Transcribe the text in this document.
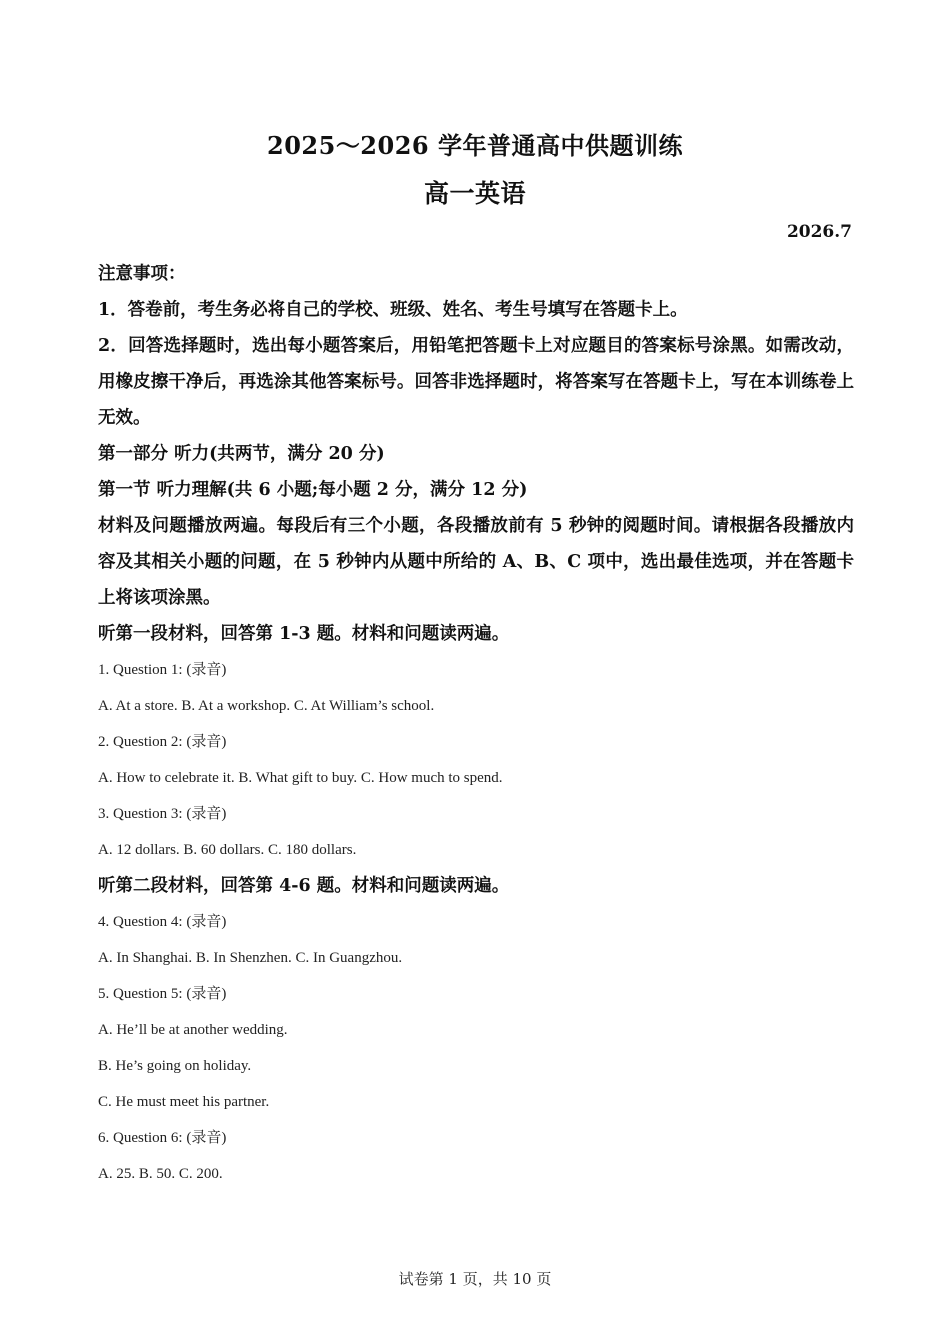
2025～2026 学年普通高中供题训练
高一英语
2026.7

注意事项：

1．答卷前，考生务必将自己的学校、班级、姓名、考生号填写在答题卡上。

2．回答选择题时，选出每小题答案后，用铅笔把答题卡上对应题目的答案标号涂黑。如需改动，用橡皮擦干净后，再选涂其他答案标号。回答非选择题时，将答案写在答题卡上，写在本训练卷上无效。

第一部分 听力(共两节，满分 20 分)

第一节 听力理解(共 6 小题;每小题 2 分，满分 12 分)

材料及问题播放两遍。每段后有三个小题，各段播放前有 5 秒钟的阅题时间。请根据各段播放内容及其相关小题的问题，在 5 秒钟内从题中所给的 A、B、C 项中，选出最佳选项，并在答题卡上将该项涂黑。

听第一段材料，回答第 1-3 题。材料和问题读两遍。

1. Question 1: (录音)

A. At a store. B. At a workshop. C. At William’s school.

2. Question 2: (录音)

A. How to celebrate it. B. What gift to buy. C. How much to spend.

3. Question 3: (录音)

A. 12 dollars. B. 60 dollars. C. 180 dollars.

听第二段材料，回答第 4-6 题。材料和问题读两遍。

4. Question 4: (录音)

A. In Shanghai. B. In Shenzhen. C. In Guangzhou.

5. Question 5: (录音)

A. He’ll be at another wedding.

B. He’s going on holiday.

C. He must meet his partner.

6. Question 6: (录音)

A. 25. B. 50. C. 200.

试卷第 1 页，共 10 页
